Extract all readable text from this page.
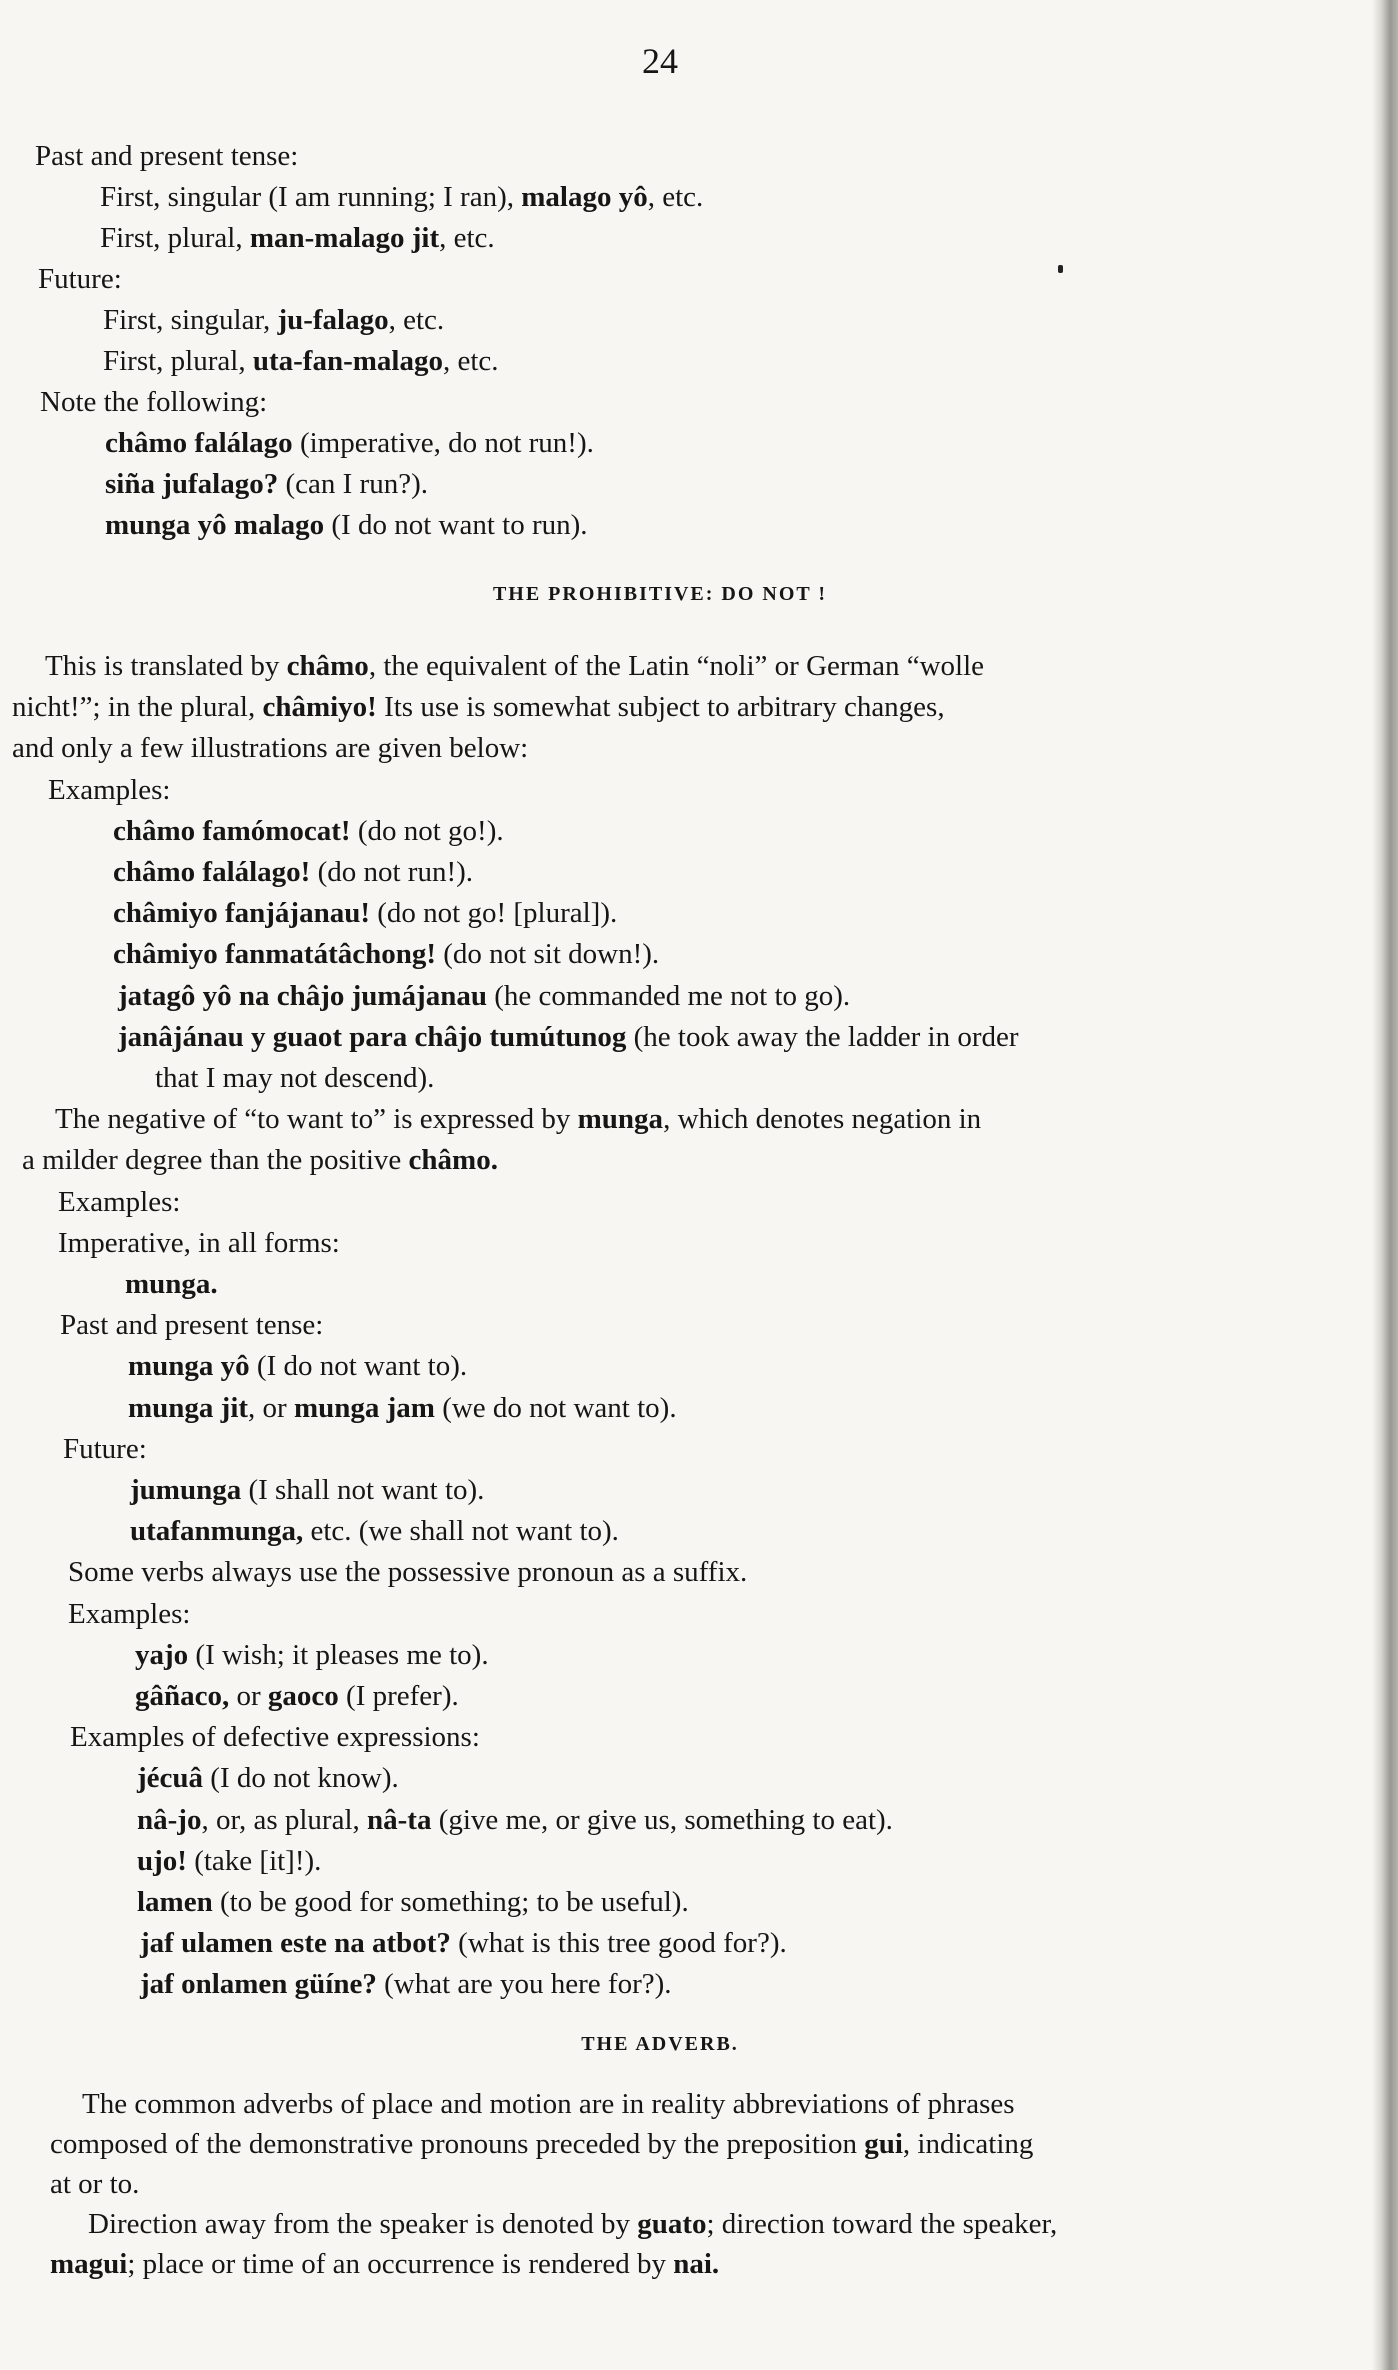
24
Past and present tense:
First, singular (I am running; I ran), malago yô, etc.
First, plural, man-malago jit, etc.
Future:
First, singular, ju-falago, etc.
First, plural, uta-fan-malago, etc.
Note the following:
châmo falálago (imperative, do not run!).
siña jufalago? (can I run?).
munga yô malago (I do not want to run).
THE PROHIBITIVE: DO NOT !
This is translated by châmo, the equivalent of the Latin “noli” or German “wolle
nicht!”; in the plural, châmiyo! Its use is somewhat subject to arbitrary changes,
and only a few illustrations are given below:
Examples:
châmo famómocat! (do not go!).
châmo falálago! (do not run!).
châmiyo fanjájanau! (do not go! [plural]).
châmiyo fanmatátâchong! (do not sit down!).
jatagô yô na châjo jumájanau (he commanded me not to go).
janâjánau y guaot para châjo tumútunog (he took away the ladder in order
that I may not descend).
The negative of “to want to” is expressed by munga, which denotes negation in
a milder degree than the positive châmo.
Examples:
Imperative, in all forms:
munga.
Past and present tense:
munga yô (I do not want to).
munga jit, or munga jam (we do not want to).
Future:
jumunga (I shall not want to).
utafanmunga, etc. (we shall not want to).
Some verbs always use the possessive pronoun as a suffix.
Examples:
yajo (I wish; it pleases me to).
gâñaco, or gaoco (I prefer).
Examples of defective expressions:
jécuâ (I do not know).
nâ-jo, or, as plural, nâ-ta (give me, or give us, something to eat).
ujo! (take [it]!).
lamen (to be good for something; to be useful).
jaf ulamen este na atbot? (what is this tree good for?).
jaf onlamen güíne? (what are you here for?).
THE ADVERB.
The common adverbs of place and motion are in reality abbreviations of phrases
composed of the demonstrative pronouns preceded by the preposition gui, indicating
at or to.
Direction away from the speaker is denoted by guato; direction toward the speaker,
magui; place or time of an occurrence is rendered by nai.
